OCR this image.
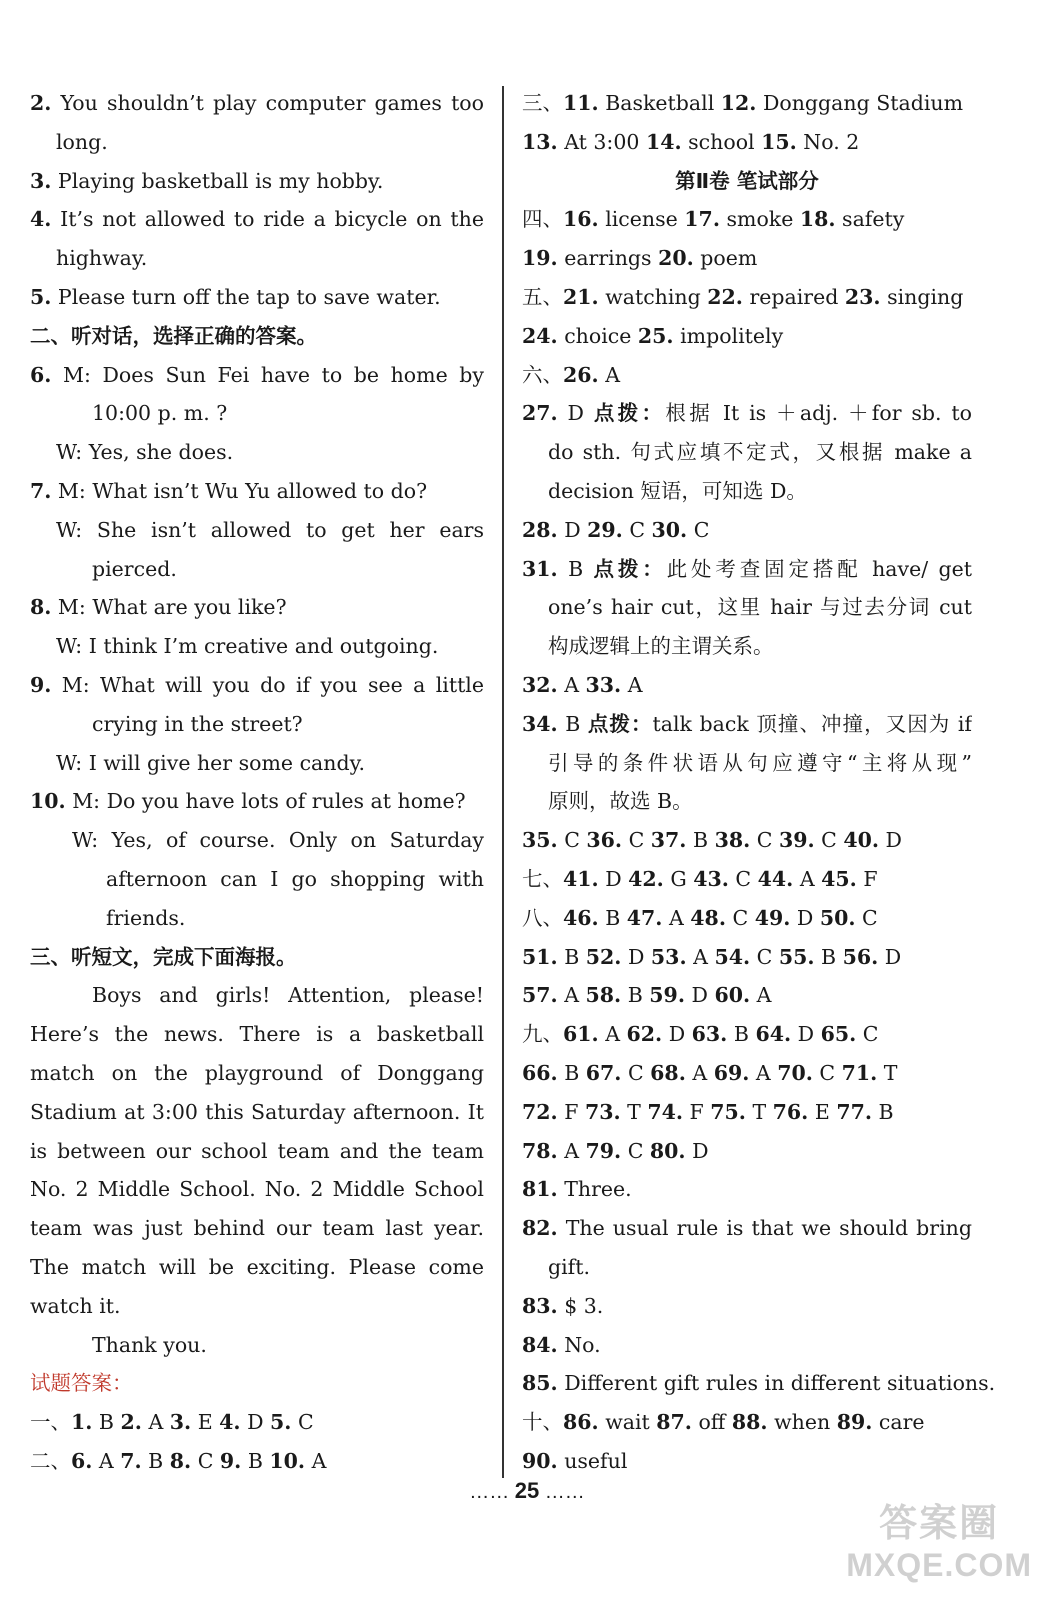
2. You shouldn’t play computer games too
long.
3. Playing basketball is my hobby.
4. It’s not allowed to ride a bicycle on the
highway.
5. Please turn off the tap to save water.
二、听对话，选择正确的答案。
6. M: Does Sun Fei have to be home by
10:00 p. m. ?
W: Yes, she does.
7. M: What isn’t Wu Yu allowed to do?
W: She isn’t allowed to get her ears
pierced.
8. M: What are you like?
W: I think I’m creative and outgoing.
9. M: What will you do if you see a little
crying in the street?
W: I will give her some candy.
10. M: Do you have lots of rules at home?
W: Yes, of course. Only on Saturday
afternoon can I go shopping with
friends.
三、听短文，完成下面海报。
Boys and girls! Attention, please!
Here’s the news. There is a basketball
match on the playground of Donggang
Stadium at 3:00 this Saturday afternoon. It
is between our school team and the team
No. 2 Middle School. No. 2 Middle School
team was just behind our team last year.
The match will be exciting. Please come
watch it.
Thank you.
试题答案：
一、1. B 2. A 3. E 4. D 5. C
二、6. A 7. B 8. C 9. B 10. A
三、11. Basketball 12. Donggang Stadium
13. At 3:00 14. school 15. No. 2
第Ⅱ卷 笔试部分
四、16. license 17. smoke 18. safety
19. earrings 20. poem
五、21. watching 22. repaired 23. singing
24. choice 25. impolitely
六、26. A
27. D 点拨：根据 It is ＋adj. ＋for sb. to
do sth. 句式应填不定式，又根据 make a
decision 短语，可知选 D。
28. D 29. C 30. C
31. B 点拨：此处考查固定搭配 have/ get
one’s hair cut，这里 hair 与过去分词 cut
构成逻辑上的主谓关系。
32. A 33. A
34. B 点拨：talk back 顶撞、冲撞，又因为 if
引导的条件状语从句应遵守“主将从现”
原则，故选 B。
35. C 36. C 37. B 38. C 39. C 40. D
七、41. D 42. G 43. C 44. A 45. F
八、46. B 47. A 48. C 49. D 50. C
51. B 52. D 53. A 54. C 55. B 56. D
57. A 58. B 59. D 60. A
九、61. A 62. D 63. B 64. D 65. C
66. B 67. C 68. A 69. A 70. C 71. T
72. F 73. T 74. F 75. T 76. E 77. B
78. A 79. C 80. D
81. Three.
82. The usual rule is that we should bring
gift.
83. $ 3.
84. No.
85. Different gift rules in different situations.
十、86. wait 87. off 88. when 89. care
90. useful
…… 25 ……
答案圈
MXQE.COM
